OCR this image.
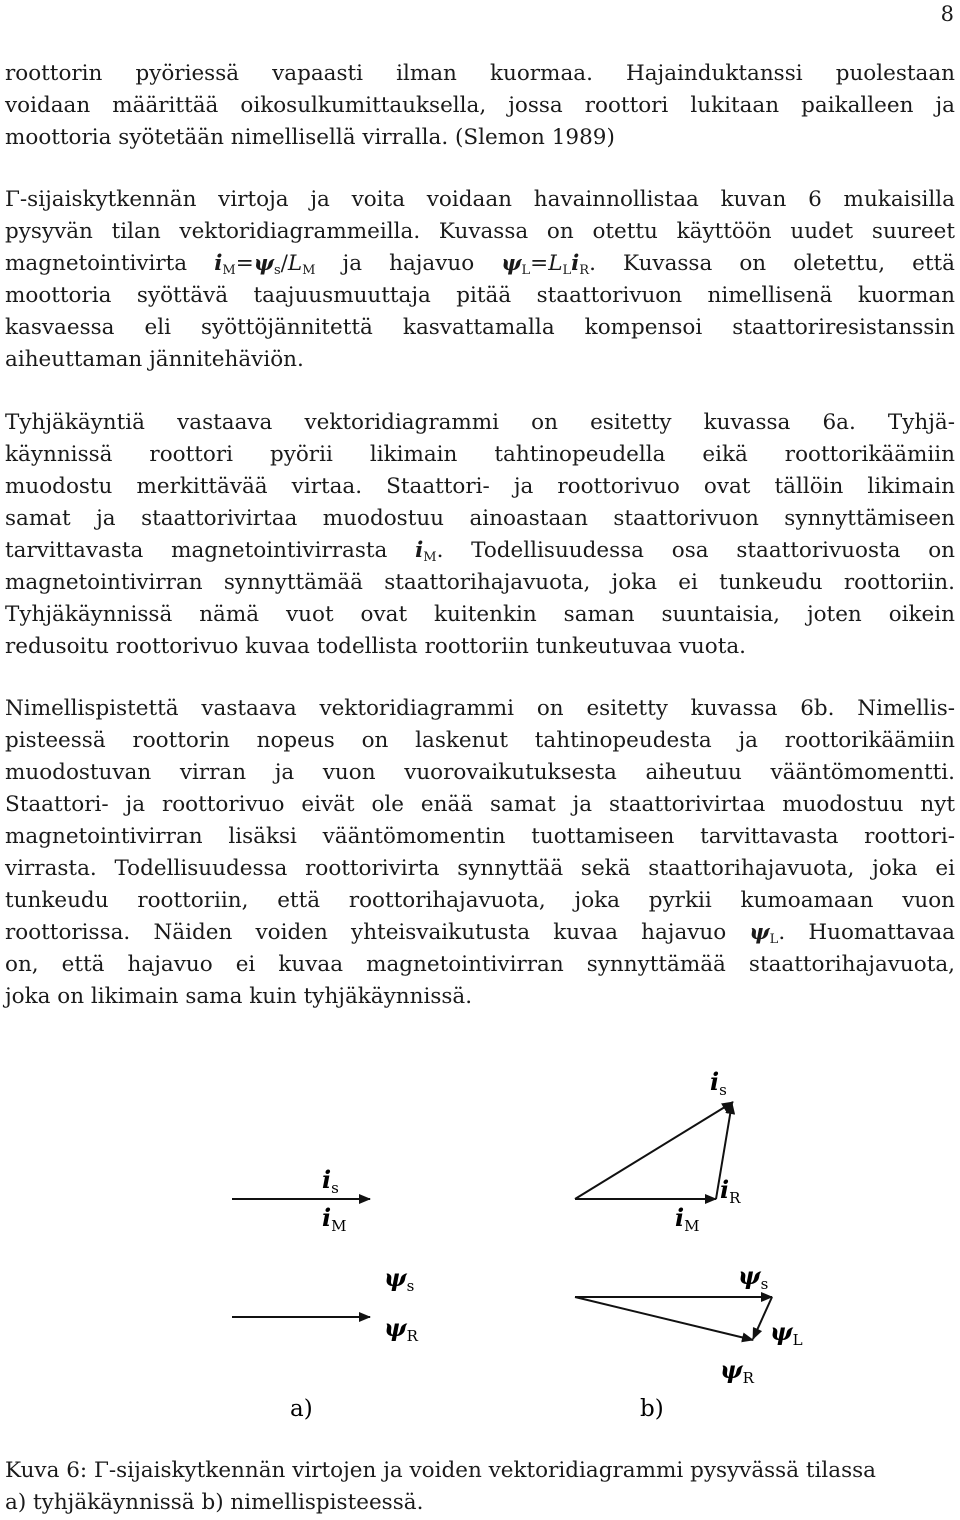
8
roottorin pyöriessä vapaasti ilman kuormaa. Hajainduktanssi puolestaan
voidaan määrittää oikosulkumittauksella, jossa roottori lukitaan paikalleen ja
moottoria syötetään nimellisellä virralla. (Slemon 1989)
Γ-sijaiskytkennän virtoja ja voita voidaan havainnollistaa kuvan 6 mukaisilla
pysyvän tilan vektoridiagrammeilla. Kuvassa on otettu käyttöön uudet suureet
magnetointivirta iM=ψs/LM ja hajavuo ψL=LLiR. Kuvassa on oletettu, että
moottoria syöttävä taajuusmuuttaja pitää staattorivuon nimellisenä kuorman
kasvaessa eli syöttöjännitettä kasvattamalla kompensoi staattoriresistanssin
aiheuttaman jännitehäviön.
Tyhjäkäyntiä vastaava vektoridiagrammi on esitetty kuvassa 6a. Tyhjä-
käynnissä roottori pyörii likimain tahtinopeudella eikä roottorikäämiin
muodostu merkittävää virtaa. Staattori- ja roottorivuo ovat tällöin likimain
samat ja staattorivirtaa muodostuu ainoastaan staattorivuon synnyttämiseen
tarvittavasta magnetointivirrasta iM. Todellisuudessa osa staattorivuosta on
magnetointivirran synnyttämää staattorihajavuota, joka ei tunkeudu roottoriin.
Tyhjäkäynnissä nämä vuot ovat kuitenkin saman suuntaisia, joten oikein
redusoitu roottorivuo kuvaa todellista roottoriin tunkeutuvaa vuota.
Nimellispistettä vastaava vektoridiagrammi on esitetty kuvassa 6b. Nimellis-
pisteessä roottorin nopeus on laskenut tahtinopeudesta ja roottorikäämiin
muodostuvan virran ja vuon vuorovaikutuksesta aiheutuu vääntömomentti.
Staattori- ja roottorivuo eivät ole enää samat ja staattorivirtaa muodostuu nyt
magnetointivirran lisäksi vääntömomentin tuottamiseen tarvittavasta roottori-
virrasta. Todellisuudessa roottorivirta synnyttää sekä staattorihajavuota, joka ei
tunkeudu roottoriin, että roottorihajavuota, joka pyrkii kumoamaan vuon
roottorissa. Näiden voiden yhteisvaikutusta kuvaa hajavuo ψL. Huomattavaa
on, että hajavuo ei kuvaa magnetointivirran synnyttämää staattorihajavuota,
joka on likimain sama kuin tyhjäkäynnissä.
$i_s$
$i_M$
$\psi_s$
$\psi_R$
a)
$i_s$
$i_R$
$i_M$
$\psi_s$
$\psi_L$
$\psi_R$
b)
Kuva 6: Γ-sijaiskytkennän virtojen ja voiden vektoridiagrammi pysyvässä tilassa
a) tyhjäkäynnissä b) nimellispisteessä.
